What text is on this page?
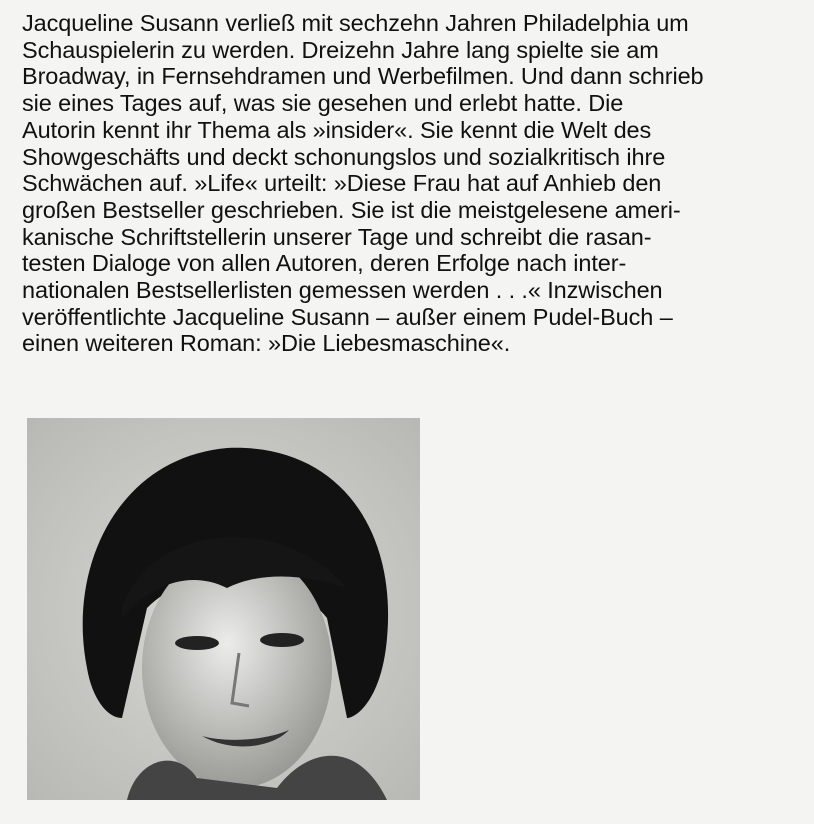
Jacqueline Susann verließ mit sechzehn Jahren Philadelphia um
Schauspielerin zu werden. Dreizehn Jahre lang spielte sie am
Broadway, in Fernsehdramen und Werbefilmen. Und dann schrieb
sie eines Tages auf, was sie gesehen und erlebt hatte. Die
Autorin kennt ihr Thema als »insider«. Sie kennt die Welt des
Showgeschäfts und deckt schonungslos und sozialkritisch ihre
Schwächen auf. »Life« urteilt: »Diese Frau hat auf Anhieb den
großen Bestseller geschrieben. Sie ist die meistgelesene ameri-
kanische Schriftstellerin unserer Tage und schreibt die rasan-
testen Dialoge von allen Autoren, deren Erfolge nach inter-
nationalen Bestsellerlisten gemessen werden . . .« Inzwischen
veröffentlichte Jacqueline Susann – außer einem Pudel-Buch –
einen weiteren Roman: »Die Liebesmaschine«.
